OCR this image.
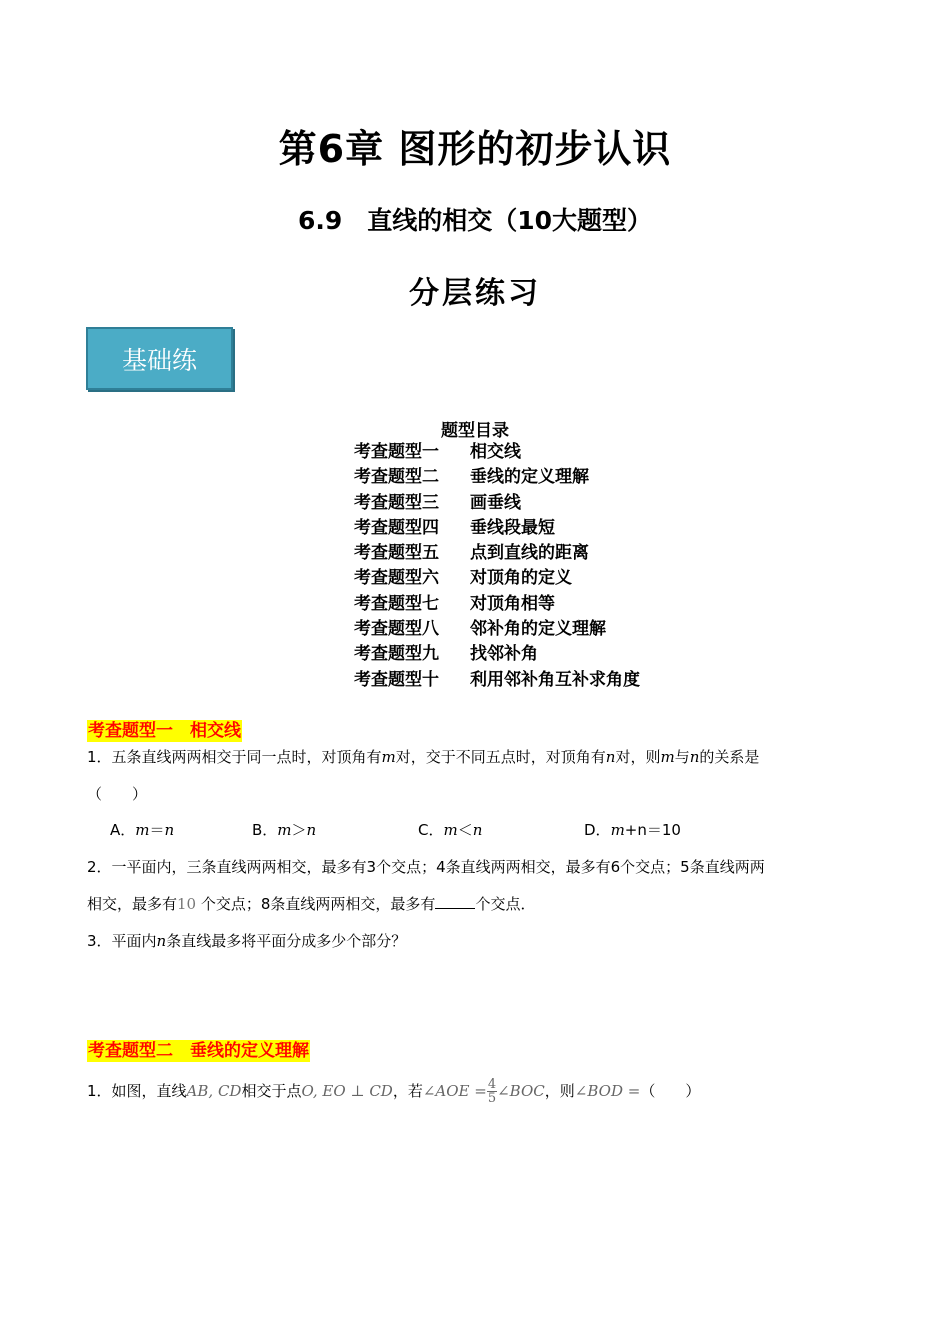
第6章 图形的初步认识
6.9　直线的相交（10大题型）
分层练习
基础练
题型目录
考查题型一 相交线
考查题型二 垂线的定义理解
考查题型三 画垂线
考查题型四 垂线段最短
考查题型五 点到直线的距离
考查题型六 对顶角的定义
考查题型七 对顶角相等
考查题型八 邻补角的定义理解
考查题型九 找邻补角
考查题型十 利用邻补角互补求角度
考查题型一　相交线
1．五条直线两两相交于同一点时，对顶角有m对，交于不同五点时，对顶角有n对，则m与n的关系是
（　　）
A．m＝n	B．m＞n	C．m＜n	D．m+n＝10
2．一平面内，三条直线两两相交，最多有3个交点；4条直线两两相交，最多有6个交点；5条直线两两
相交，最多有10 个交点；8条直线两两相交，最多有	个交点．
3．平面内n条直线最多将平面分成多少个部分？
考查题型二　垂线的定义理解
1．如图，直线AB, CD相交于点O, EO ⊥ CD，若∠AOE = $\frac{4}{5}$ ∠BOC，则∠BOD =（　　）
